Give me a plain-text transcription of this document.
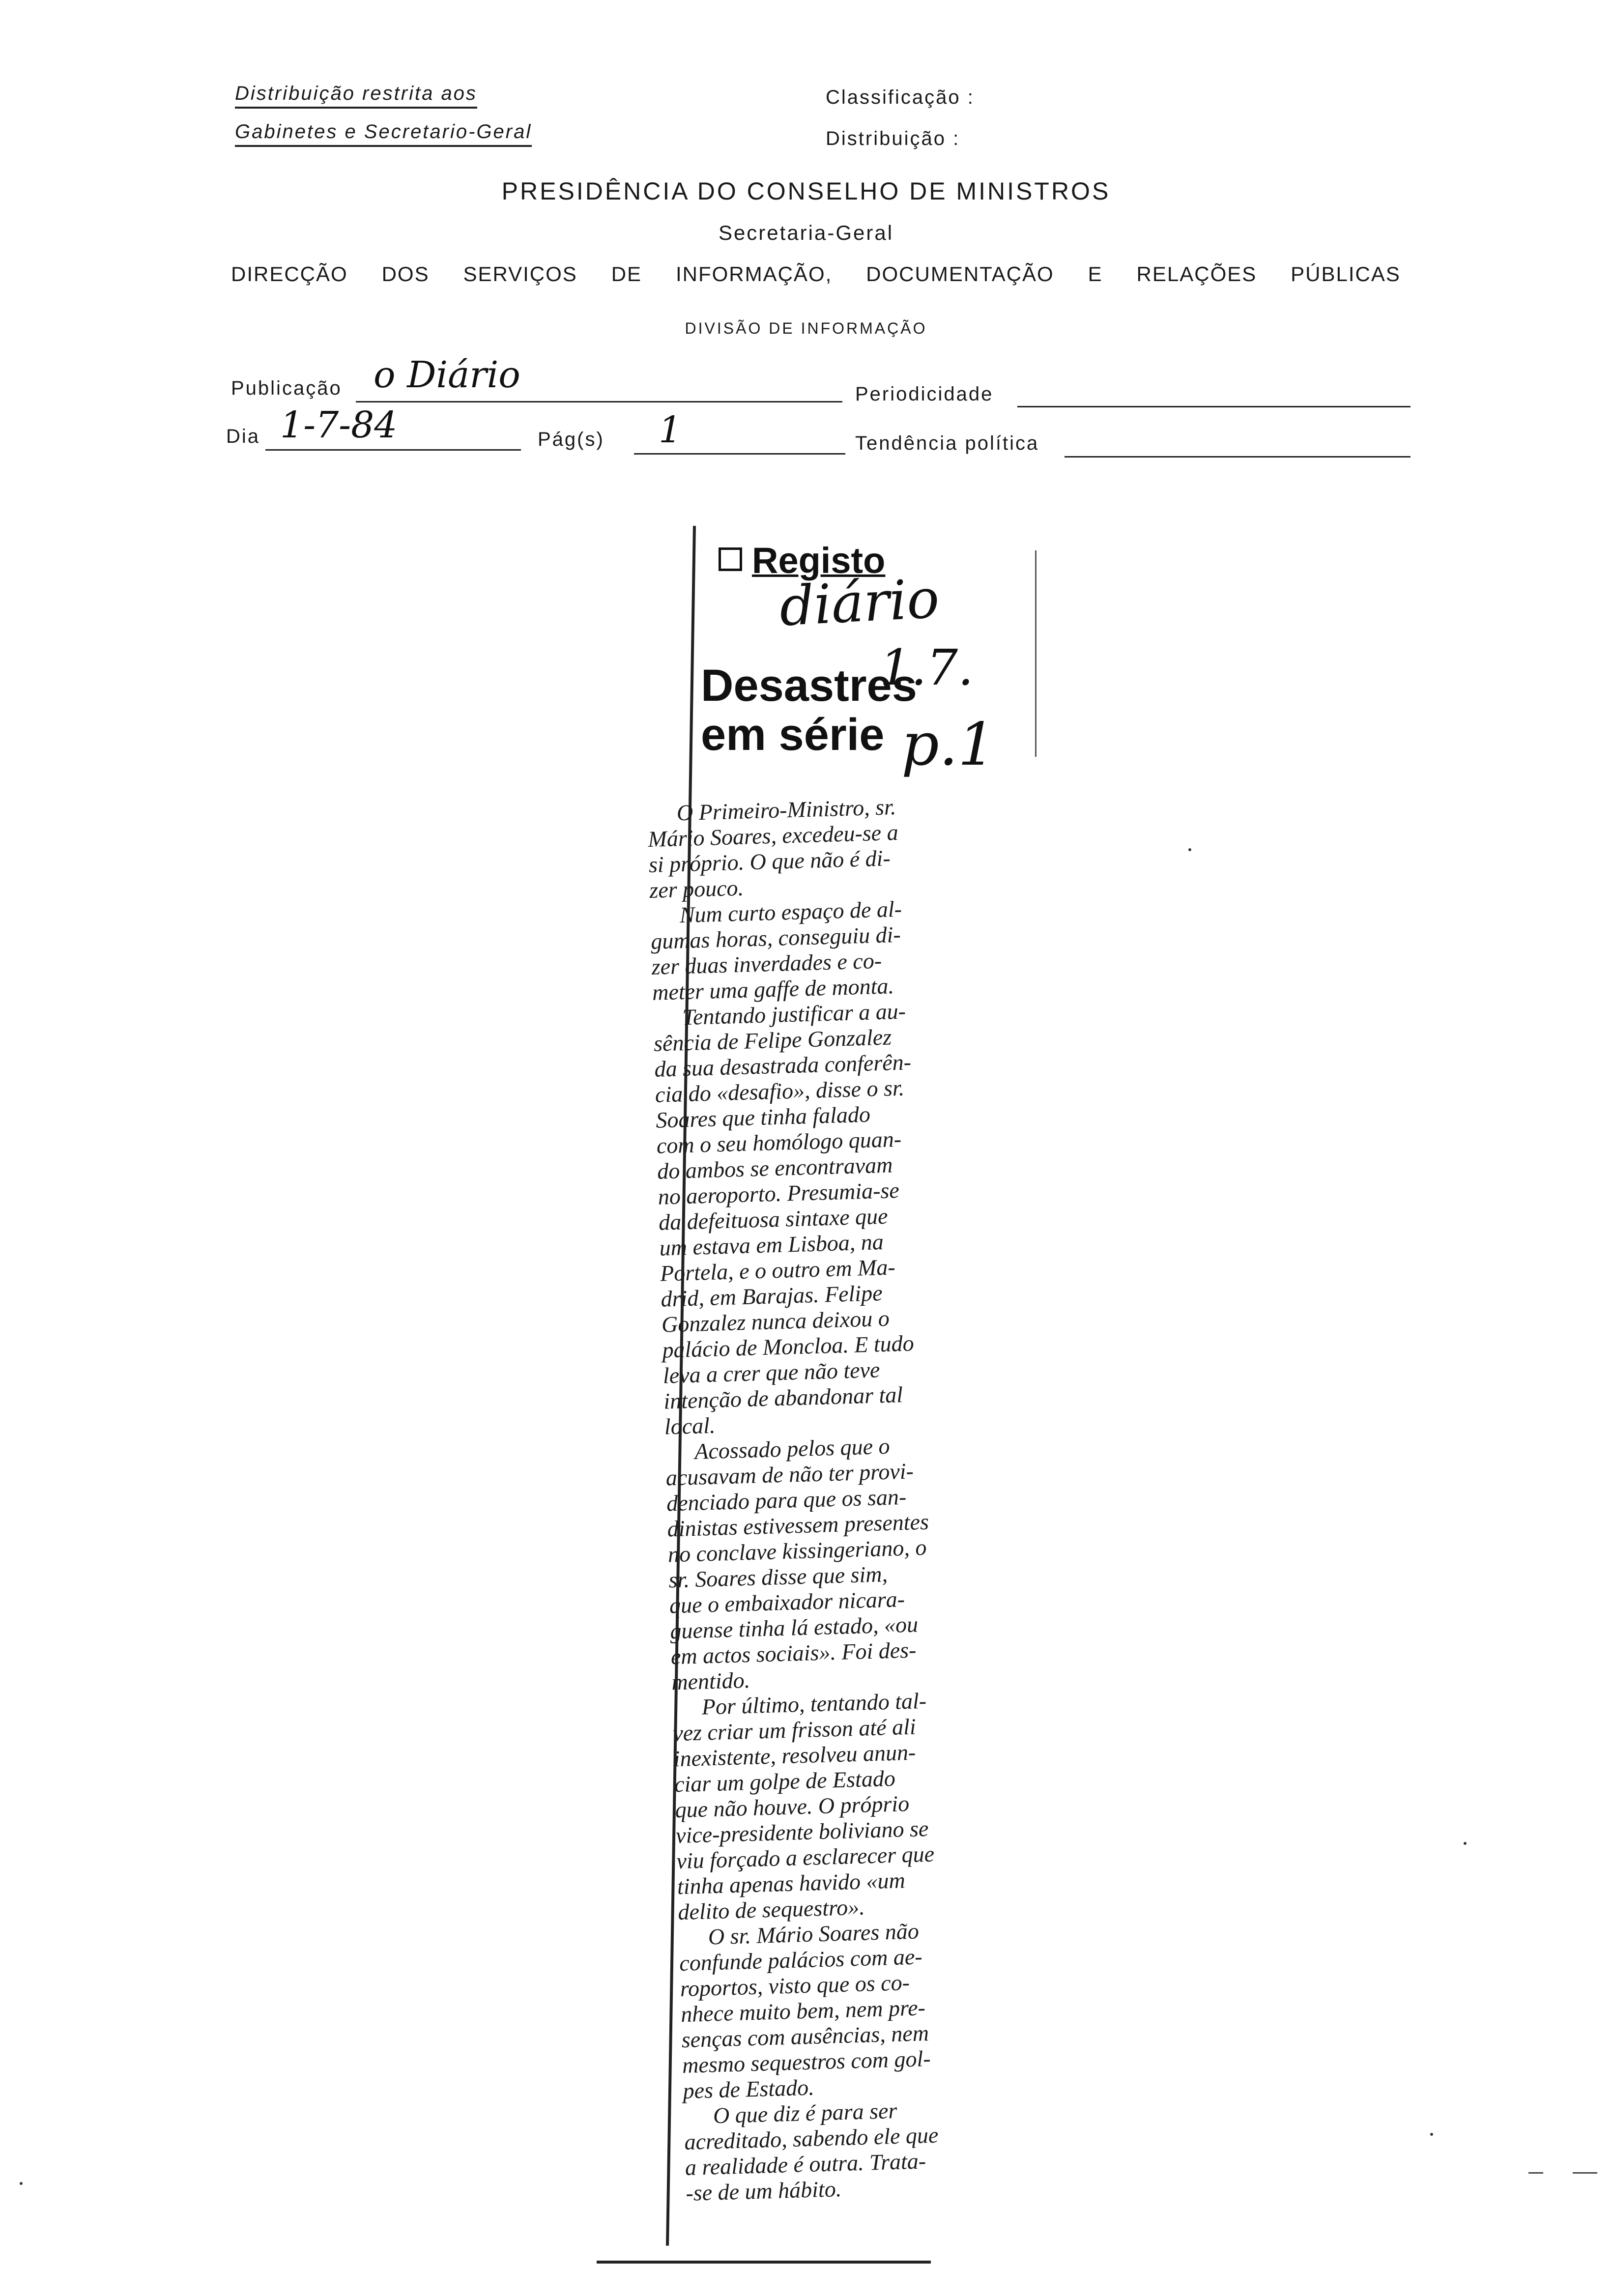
Distribuição restrita aos
Gabinetes e Secretario-Geral
Classificação :
Distribuição :
PRESIDÊNCIA DO CONSELHO DE MINISTROS
Secretaria-Geral
DIRECÇÃO DOS SERVIÇOS DE INFORMAÇÃO, DOCUMENTAÇÃO E RELAÇÕES PÚBLICAS
DIVISÃO DE INFORMAÇÃO
Publicação o Diário	Periodicidade
Dia 1-7-84	Pág(s) 1	Tendência política
Registo
diário
1.7.
p.1
Desastres
em série
O Primeiro-Ministro, sr.
Mário Soares, excedeu-se a
si próprio. O que não é di-
zer pouco.
Num curto espaço de al-
gumas horas, conseguiu di-
zer duas inverdades e co-
meter uma gaffe de monta.
Tentando justificar a au-
sência de Felipe Gonzalez
da sua desastrada conferên-
cia do «desafio», disse o sr.
Soares que tinha falado
com o seu homólogo quan-
do ambos se encontravam
no aeroporto. Presumia-se
da defeituosa sintaxe que
um estava em Lisboa, na
Portela, e o outro em Ma-
drid, em Barajas. Felipe
Gonzalez nunca deixou o
palácio de Moncloa. E tudo
leva a crer que não teve
intenção de abandonar tal
local.
Acossado pelos que o
acusavam de não ter provi-
denciado para que os san-
dinistas estivessem presentes
no conclave kissingeriano, o
sr. Soares disse que sim,
que o embaixador nicara-
guense tinha lá estado, «ou
em actos sociais». Foi des-
mentido.
Por último, tentando tal-
vez criar um frisson até ali
inexistente, resolveu anun-
ciar um golpe de Estado
que não houve. O próprio
vice-presidente boliviano se
viu forçado a esclarecer que
tinha apenas havido «um
delito de sequestro».
O sr. Mário Soares não
confunde palácios com ae-
roportos, visto que os co-
nhece muito bem, nem pre-
senças com ausências, nem
mesmo sequestros com gol-
pes de Estado.
O que diz é para ser
acreditado, sabendo ele que
a realidade é outra. Trata-
-se de um hábito.
